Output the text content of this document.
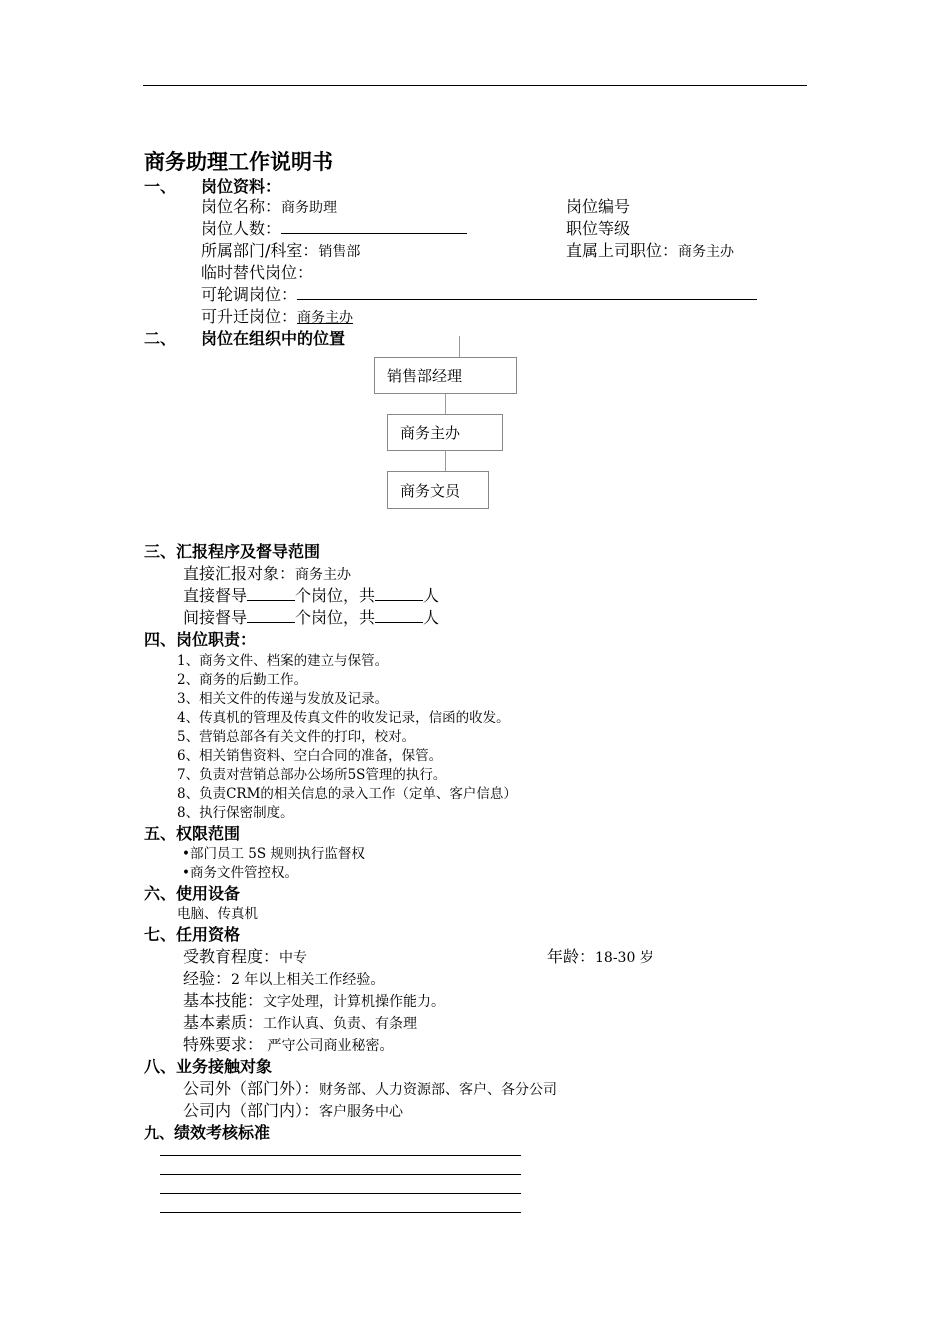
商务助理工作说明书
一、 岗位资料：
岗位名称：商务助理	岗位编号
岗位人数：	职位等级
所属部门/科室：销售部	直属上司职位：商务主办
临时替代岗位：
可轮调岗位：
可升迁岗位：商务主办
二、 岗位在组织中的位置
销售部经理
商务主办
商务文员
三、汇报程序及督导范围
直接汇报对象：商务主办
直接督导	个岗位，共	人
间接督导	个岗位，共	人
四、岗位职责：
1、商务文件、档案的建立与保管。
2、商务的后勤工作。
3、相关文件的传递与发放及记录。
4、传真机的管理及传真文件的收发记录，信函的收发。
5、营销总部各有关文件的打印，校对。
6、相关销售资料、空白合同的准备，保管。
7、负责对营销总部办公场所5S管理的执行。
8、负责CRM的相关信息的录入工作（定单、客户信息）
8、执行保密制度。
五、权限范围
•部门员工 5S 规则执行监督权
•商务文件管控权。
六、使用设备
电脑、传真机
七、任用资格
受教育程度：中专	年龄：18-30 岁
经验：2 年以上相关工作经验。
基本技能：文字处理，计算机操作能力。
基本素质：工作认真、负责、有条理
特殊要求： 严守公司商业秘密。
八、业务接触对象
公司外（部门外）：财务部、人力资源部、客户、各分公司
公司内（部门内）：客户服务中心
九、绩效考核标准
